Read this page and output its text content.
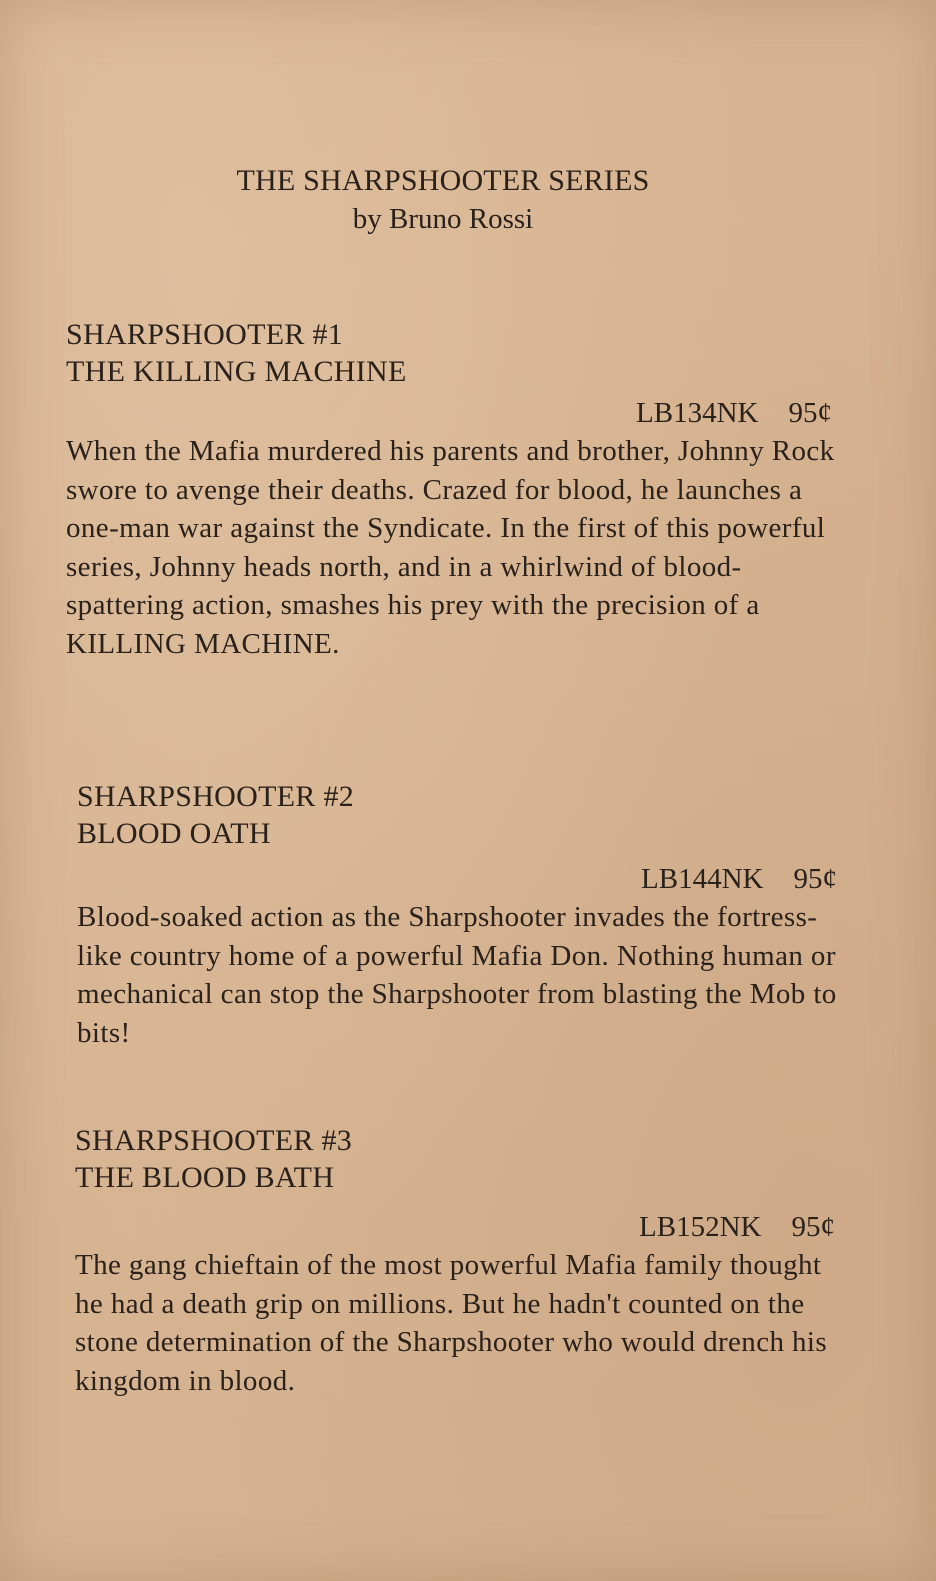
THE SHARPSHOOTER SERIES
by Bruno Rossi
SHARPSHOOTER #1
THE KILLING MACHINE
LB134NK 95¢

When the Mafia murdered his parents and brother, Johnny Rock swore to avenge their deaths. Crazed for blood, he launches a one-man war against the Syndicate. In the first of this powerful series, Johnny heads north, and in a whirlwind of blood-spattering action, smashes his prey with the precision of a KILLING MACHINE.

SHARPSHOOTER #2
BLOOD OATH
LB144NK 95¢

Blood-soaked action as the Sharpshooter invades the fortress-like country home of a powerful Mafia Don. Nothing human or mechanical can stop the Sharpshooter from blasting the Mob to bits!

SHARPSHOOTER #3
THE BLOOD BATH
LB152NK 95¢

The gang chieftain of the most powerful Mafia family thought he had a death grip on millions. But he hadn't counted on the stone determination of the Sharpshooter who would drench his kingdom in blood.
